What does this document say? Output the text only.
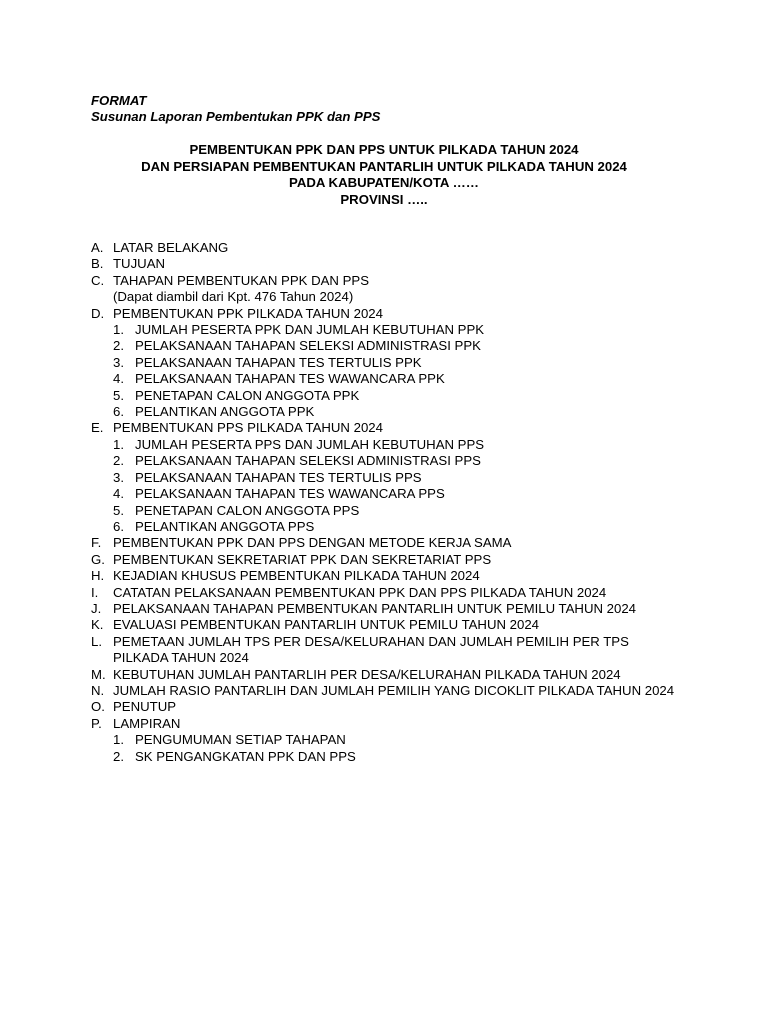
FORMAT
Susunan Laporan Pembentukan PPK dan PPS
PEMBENTUKAN PPK DAN PPS UNTUK PILKADA TAHUN 2024
DAN PERSIAPAN PEMBENTUKAN PANTARLIH UNTUK PILKADA TAHUN 2024
PADA KABUPATEN/KOTA ……
PROVINSI …..
A. LATAR BELAKANG
B. TUJUAN
C. TAHAPAN PEMBENTUKAN PPK DAN PPS
(Dapat diambil dari Kpt. 476 Tahun 2024)
D. PEMBENTUKAN PPK PILKADA TAHUN 2024
1. JUMLAH PESERTA PPK DAN JUMLAH KEBUTUHAN PPK
2. PELAKSANAAN TAHAPAN SELEKSI ADMINISTRASI PPK
3. PELAKSANAAN TAHAPAN TES TERTULIS PPK
4. PELAKSANAAN TAHAPAN TES WAWANCARA PPK
5. PENETAPAN CALON ANGGOTA PPK
6. PELANTIKAN ANGGOTA PPK
E. PEMBENTUKAN PPS PILKADA TAHUN 2024
1. JUMLAH PESERTA PPS DAN JUMLAH KEBUTUHAN PPS
2. PELAKSANAAN TAHAPAN SELEKSI ADMINISTRASI PPS
3. PELAKSANAAN TAHAPAN TES TERTULIS PPS
4. PELAKSANAAN TAHAPAN TES WAWANCARA PPS
5. PENETAPAN CALON ANGGOTA PPS
6. PELANTIKAN ANGGOTA PPS
F. PEMBENTUKAN PPK DAN PPS DENGAN METODE KERJA SAMA
G. PEMBENTUKAN SEKRETARIAT PPK DAN SEKRETARIAT PPS
H. KEJADIAN KHUSUS PEMBENTUKAN PILKADA TAHUN 2024
I. CATATAN PELAKSANAAN PEMBENTUKAN PPK DAN PPS PILKADA TAHUN 2024
J. PELAKSANAAN TAHAPAN PEMBENTUKAN PANTARLIH UNTUK PEMILU TAHUN 2024
K. EVALUASI PEMBENTUKAN PANTARLIH UNTUK PEMILU TAHUN 2024
L. PEMETAAN JUMLAH TPS PER DESA/KELURAHAN DAN JUMLAH PEMILIH PER TPS PILKADA TAHUN 2024
M. KEBUTUHAN JUMLAH PANTARLIH PER DESA/KELURAHAN PILKADA TAHUN 2024
N. JUMLAH RASIO PANTARLIH DAN JUMLAH PEMILIH YANG DICOKLIT PILKADA TAHUN 2024
O. PENUTUP
P. LAMPIRAN
1. PENGUMUMAN SETIAP TAHAPAN
2. SK PENGANGKATAN PPK DAN PPS
